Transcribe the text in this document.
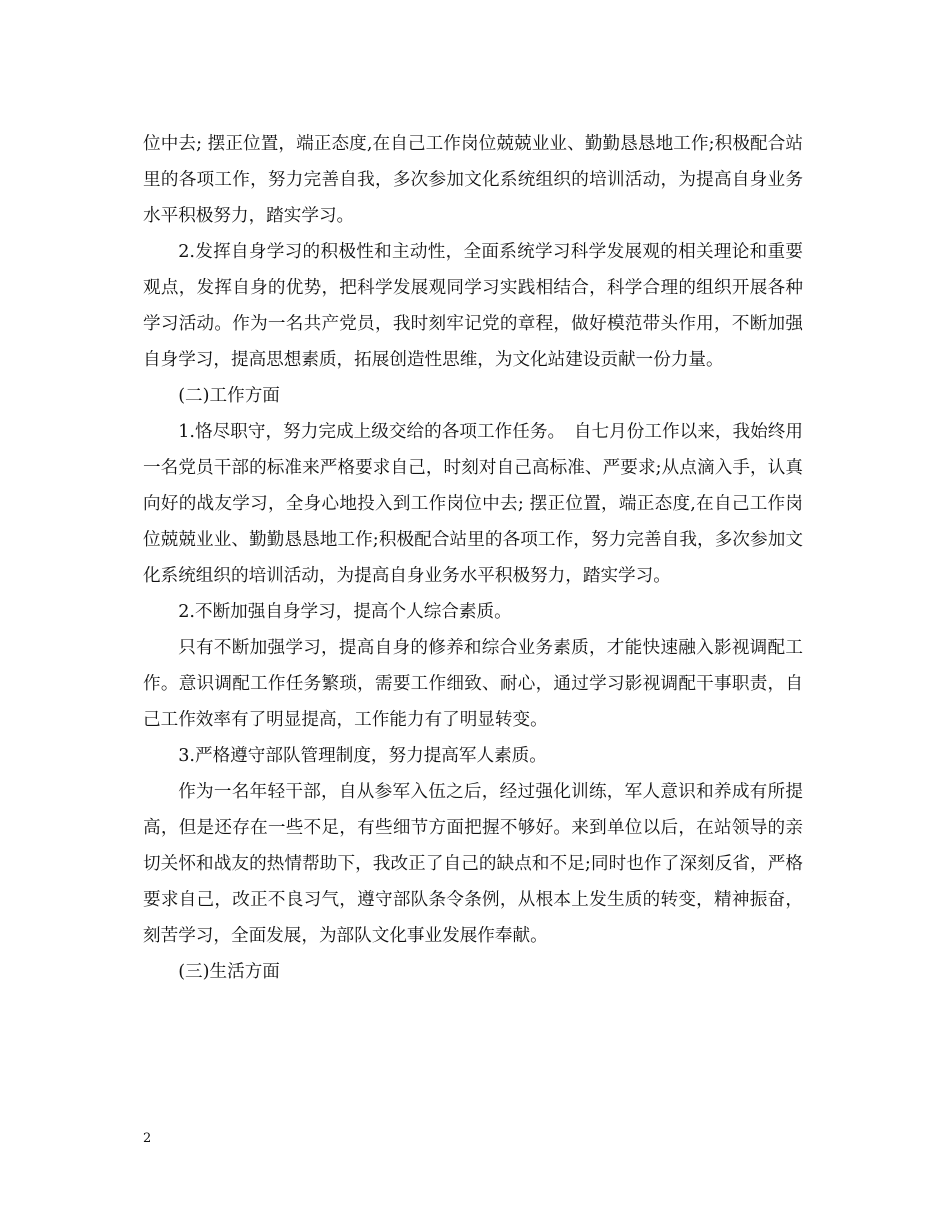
位中去; 摆正位置，端正态度,在自己工作岗位兢兢业业、勤勤恳恳地工作;积极配合站里的各项工作，努力完善自我，多次参加文化系统组织的培训活动，为提高自身业务水平积极努力，踏实学习。

2.发挥自身学习的积极性和主动性，全面系统学习科学发展观的相关理论和重要观点，发挥自身的优势，把科学发展观同学习实践相结合，科学合理的组织开展各种学习活动。作为一名共产党员，我时刻牢记党的章程，做好模范带头作用，不断加强自身学习，提高思想素质，拓展创造性思维，为文化站建设贡献一份力量。

(二)工作方面

1.恪尽职守，努力完成上级交给的各项工作任务。　自七月份工作以来，我始终用一名党员干部的标准来严格要求自己，时刻对自己高标准、严要求;从点滴入手，认真向好的战友学习，全身心地投入到工作岗位中去; 摆正位置，端正态度,在自己工作岗位兢兢业业、勤勤恳恳地工作;积极配合站里的各项工作，努力完善自我，多次参加文化系统组织的培训活动，为提高自身业务水平积极努力，踏实学习。

2.不断加强自身学习，提高个人综合素质。

只有不断加强学习，提高自身的修养和综合业务素质，才能快速融入影视调配工作。意识调配工作任务繁琐，需要工作细致、耐心，通过学习影视调配干事职责，自己工作效率有了明显提高，工作能力有了明显转变。

3.严格遵守部队管理制度，努力提高军人素质。

作为一名年轻干部，自从参军入伍之后，经过强化训练，军人意识和养成有所提高，但是还存在一些不足，有些细节方面把握不够好。来到单位以后，在站领导的亲切关怀和战友的热情帮助下，我改正了自己的缺点和不足;同时也作了深刻反省，严格要求自己，改正不良习气，遵守部队条令条例，从根本上发生质的转变，精神振奋，刻苦学习，全面发展，为部队文化事业发展作奉献。

(三)生活方面

2
